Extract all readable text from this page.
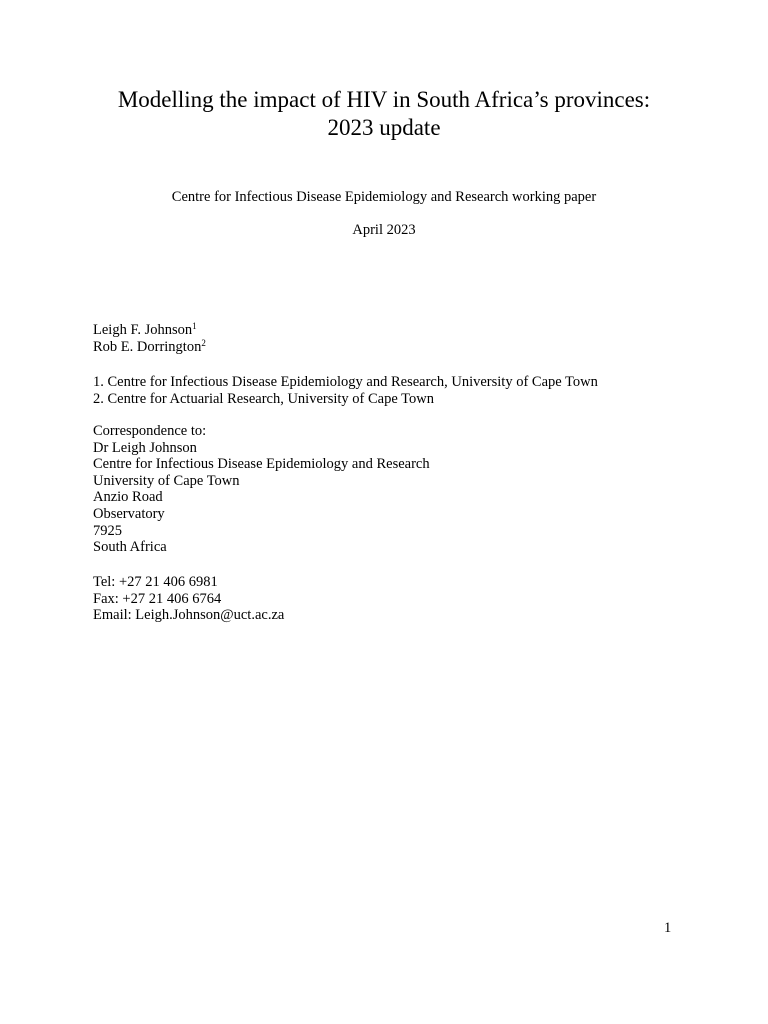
Modelling the impact of HIV in South Africa’s provinces:
2023 update

Centre for Infectious Disease Epidemiology and Research working paper

April 2023

Leigh F. Johnson$^1$
Rob E. Dorrington$^2$
1. Centre for Infectious Disease Epidemiology and Research, University of Cape Town
2. Centre for Actuarial Research, University of Cape Town
Correspondence to:
Dr Leigh Johnson
Centre for Infectious Disease Epidemiology and Research
University of Cape Town
Anzio Road
Observatory
7925
South Africa
Tel: +27 21 406 6981
Fax: +27 21 406 6764
Email: Leigh.Johnson@uct.ac.za
1
